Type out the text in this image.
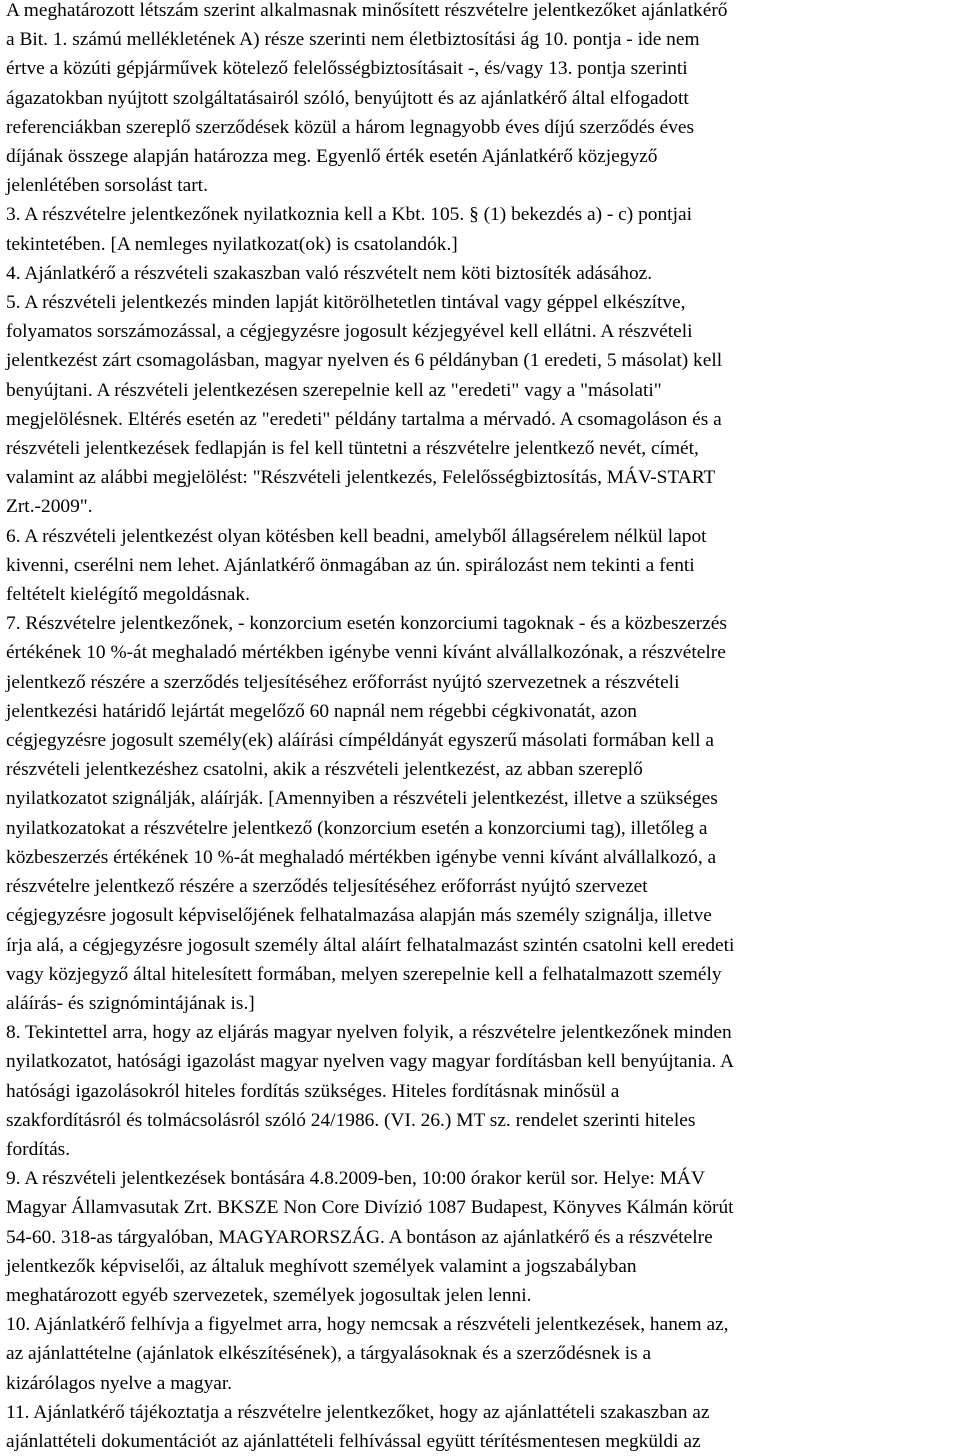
A meghatározott létszám szerint alkalmasnak minősített részvételre jelentkezőket ajánlatkérő
a Bit. 1. számú mellékletének A) része szerinti nem életbiztosítási ág 10. pontja - ide nem
értve a közúti gépjárművek kötelező felelősségbiztosításait -, és/vagy 13. pontja szerinti
ágazatokban nyújtott szolgáltatásairól szóló, benyújtott és az ajánlatkérő által elfogadott
referenciákban szereplő szerződések közül a három legnagyobb éves díjú szerződés éves
díjának összege alapján határozza meg. Egyenlő érték esetén Ajánlatkérő közjegyző
jelenlétében sorsolást tart.

3. A részvételre jelentkezőnek nyilatkoznia kell a Kbt. 105. § (1) bekezdés a) - c) pontjai
tekintetében. [A nemleges nyilatkozat(ok) is csatolandók.]

4. Ajánlatkérő a részvételi szakaszban való részvételt nem köti biztosíték adásához.

5. A részvételi jelentkezés minden lapját kitörölhetetlen tintával vagy géppel elkészítve,
folyamatos sorszámozással, a cégjegyzésre jogosult kézjegyével kell ellátni. A részvételi
jelentkezést zárt csomagolásban, magyar nyelven és 6 példányban (1 eredeti, 5 másolat) kell
benyújtani. A részvételi jelentkezésen szerepelnie kell az "eredeti" vagy a "másolati"
megjelölésnek. Eltérés esetén az "eredeti" példány tartalma a mérvadó. A csomagoláson és a
részvételi jelentkezések fedlapján is fel kell tüntetni a részvételre jelentkező nevét, címét,
valamint az alábbi megjelölést: "Részvételi jelentkezés, Felelősségbiztosítás, MÁV-START
Zrt.-2009".

6. A részvételi jelentkezést olyan kötésben kell beadni, amelyből állagsérelem nélkül lapot
kivenni, cserélni nem lehet. Ajánlatkérő önmagában az ún. spirálozást nem tekinti a fenti
feltételt kielégítő megoldásnak.

7. Részvételre jelentkezőnek, - konzorcium esetén konzorciumi tagoknak - és a közbeszerzés
értékének 10 %-át meghaladó mértékben igénybe venni kívánt alvállalkozónak, a részvételre
jelentkező részére a szerződés teljesítéséhez erőforrást nyújtó szervezetnek a részvételi
jelentkezési határidő lejártát megelőző 60 napnál nem régebbi cégkivonatát, azon
cégjegyzésre jogosult személy(ek) aláírási címpéldányát egyszerű másolati formában kell a
részvételi jelentkezéshez csatolni, akik a részvételi jelentkezést, az abban szereplő
nyilatkozatot szignálják, aláírják. [Amennyiben a részvételi jelentkezést, illetve a szükséges
nyilatkozatokat a részvételre jelentkező (konzorcium esetén a konzorciumi tag), illetőleg a
közbeszerzés értékének 10 %-át meghaladó mértékben igénybe venni kívánt alvállalkozó, a
részvételre jelentkező részére a szerződés teljesítéséhez erőforrást nyújtó szervezet
cégjegyzésre jogosult képviselőjének felhatalmazása alapján más személy szignálja, illetve
írja alá, a cégjegyzésre jogosult személy által aláírt felhatalmazást szintén csatolni kell eredeti
vagy közjegyző által hitelesített formában, melyen szerepelnie kell a felhatalmazott személy
aláírás- és szignómintájának is.]

8. Tekintettel arra, hogy az eljárás magyar nyelven folyik, a részvételre jelentkezőnek minden
nyilatkozatot, hatósági igazolást magyar nyelven vagy magyar fordításban kell benyújtania. A
hatósági igazolásokról hiteles fordítás szükséges. Hiteles fordításnak minősül a
szakfordításról és tolmácsolásról szóló 24/1986. (VI. 26.) MT sz. rendelet szerinti hiteles
fordítás.

9. A részvételi jelentkezések bontására 4.8.2009-ben, 10:00 órakor kerül sor. Helye: MÁV
Magyar Államvasutak Zrt. BKSZE Non Core Divízió 1087 Budapest, Könyves Kálmán körút
54-60. 318-as tárgyalóban, MAGYARORSZÁG. A bontáson az ajánlatkérő és a részvételre
jelentkezők képviselői, az általuk meghívott személyek valamint a jogszabályban
meghatározott egyéb szervezetek, személyek jogosultak jelen lenni.

10. Ajánlatkérő felhívja a figyelmet arra, hogy nemcsak a részvételi jelentkezések, hanem az,
az ajánlattételne (ajánlatok elkészítésének), a tárgyalásoknak és a szerződésnek is a
kizárólagos nyelve a magyar.

11. Ajánlatkérő tájékoztatja a részvételre jelentkezőket, hogy az ajánlattételi szakaszban az
ajánlattételi dokumentációt az ajánlattételi felhívással együtt térítésmentesen megküldi az
